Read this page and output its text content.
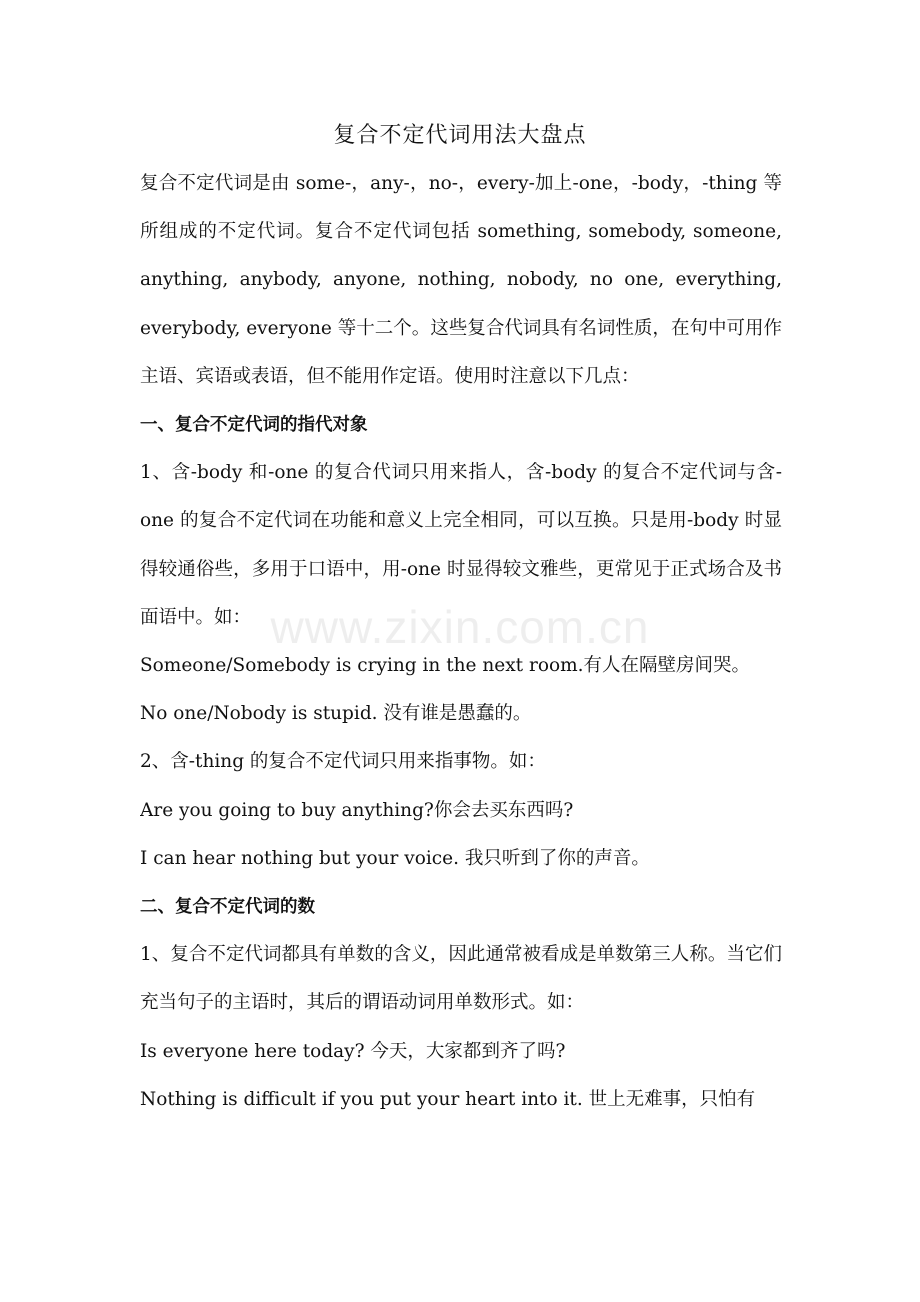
www.zixin.com.cn
复合不定代词用法大盘点

复合不定代词是由 some-，any-，no-，every-加上-one，-body，-thing 等所组成的不定代词。复合不定代词包括 something, somebody, someone, anything, anybody, anyone, nothing, nobody, no one, everything, everybody, everyone 等十二个。这些复合代词具有名词性质，在句中可用作主语、宾语或表语，但不能用作定语。使用时注意以下几点：

一、复合不定代词的指代对象

1、含-body 和-one 的复合代词只用来指人，含-body 的复合不定代词与含-one 的复合不定代词在功能和意义上完全相同，可以互换。只是用-body 时显得较通俗些，多用于口语中，用-one 时显得较文雅些，更常见于正式场合及书面语中。如：

Someone/Somebody is crying in the next room.有人在隔壁房间哭。

No one/Nobody is stupid. 没有谁是愚蠢的。

2、含-thing 的复合不定代词只用来指事物。如：

Are you going to buy anything?你会去买东西吗?

I can hear nothing but your voice. 我只听到了你的声音。

二、复合不定代词的数

1、复合不定代词都具有单数的含义，因此通常被看成是单数第三人称。当它们充当句子的主语时，其后的谓语动词用单数形式。如：

Is everyone here today? 今天，大家都到齐了吗?

Nothing is difficult if you put your heart into it. 世上无难事，只怕有
